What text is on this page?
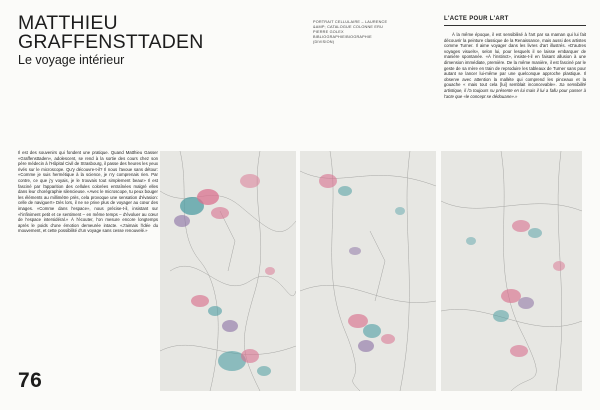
MATTHIEU GRAFFENSTTADEN

Le voyage intérieur

PORTRAIT CELLULAIRE – LAURENCE &AMP; CATALOGUE COLONNE ERU PIERRE GOLEX BIBLIOGRAPHIE/BIOGRAPHIE (DIVISION)

L'ACTE POUR L'ART

À la même époque, il est sensibilisé à l'art par sa maman qui lui fait découvrir la peinture classique de la Renaissance, mais aussi des artistes comme Turner. Il aime voyager dans les livres d'art illustrés. «D'autres voyages visuels», selon lui, pour lesquels il se laisse embarquer de manière spontanée. «À l'instinct», insiste-t-il en faisant allusion à une dimension immédiate, première. De la même manière, il est fasciné par le geste de sa mère en train de reproduire les tableaux de Turner sans pour autant se lancer lui-même par une quelconque approche plastique. Il observe avec attention la malléte qui comprend les pinceaux et la gouache « mais tout cela [lui] semblait inconcevable». Sa sensibilité artistique, il l'a toujours su présente en lui mais il lui a fallu pour passer à l'acte que «le concept se dédouane».»

Il est des souvenirs qui fondent une pratique. Quand Matthieu Gasser «Graffensttaden», adolescent, se rend à la sortie des cours chez son père médecin à l'Hôpital Civil de Strasbourg, il passe des heures les yeux rivés sur le microscope. Qu'y découvre-t-il? Il nous l'avoue sans détour: «Comme je suis hermétique à la science, je n'y comprenais rien. Par contre, ce que j'y voyais, je le trouvais tout simplement beau!» Il est fasciné par l'apparition des cellules colorées entraînées malgré elles dans leur chorégraphie silencieuse. «Avec le microscope, tu peux bouger les éléments au millimètre près, cela provoque une sensation d'évasion: celle de naviguer!» Dès lors, il ne se prive plus de voyager au cœur des images. «Comme dans l'espace», nous précise-t-il, insistant sur «l'infiniment petit et ce sentiment – en même temps – d'évoluer au cœur de l'espace intersidéral.» À l'écouter, l'on mesure encore longtemps après le poids d'une émotion demeurée intacte. «J'aimais l'idée du mouvement, et cette possibilité d'un voyage sans cesse renouvelé.»

76
